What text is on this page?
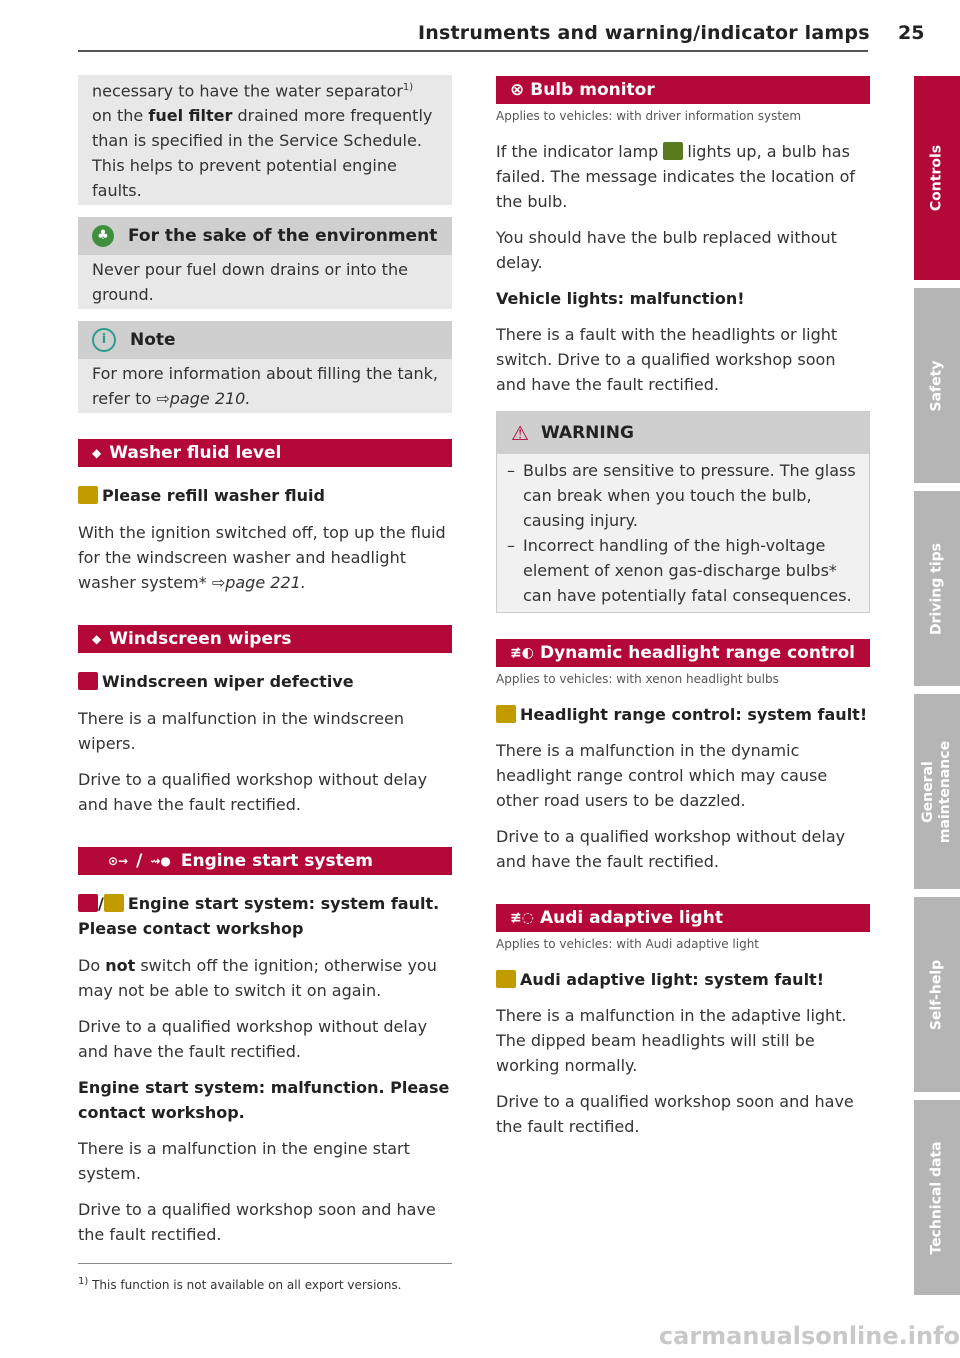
Instruments and warning/indicator lamps 25

necessary to have the water separator$^{1)}$ on the fuel filter drained more frequently than is specified in the Service Schedule. This helps to prevent potential engine faults.

♣	For the sake of the environment

Never pour fuel down drains or into the ground.

i	Note

For more information about filling the tank, refer to ⇨page 210.

◆ Washer fluid level

Please refill washer fluid

With the ignition switched off, top up the fluid for the windscreen washer and headlight washer system* ⇨page 221.

◆ Windscreen wipers

Windscreen wiper defective

There is a malfunction in the windscreen wipers.

Drive to a qualified workshop without delay and have the fault rectified.

⊙→ / ⇝● Engine start system

/ Engine start system: system fault. Please contact workshop

Do not switch off the ignition; otherwise you may not be able to switch it on again.

Drive to a qualified workshop without delay and have the fault rectified.

Engine start system: malfunction. Please contact workshop.

There is a malfunction in the engine start system.

Drive to a qualified workshop soon and have the fault rectified.

$^{1)}$ This function is not available on all export versions.
⊗ Bulb monitor

Applies to vehicles: with driver information system

If the indicator lamp lights up, a bulb has failed. The message indicates the location of the bulb.

You should have the bulb replaced without delay.

Vehicle lights: malfunction!

There is a fault with the headlights or light switch. Drive to a qualified workshop soon and have the fault rectified.

⚠ WARNING
– Bulbs are sensitive to pressure. The glass can break when you touch the bulb, causing injury.
– Incorrect handling of the high-voltage element of xenon gas-discharge bulbs* can have potentially fatal consequences.
≢◐ Dynamic headlight range control

Applies to vehicles: with xenon headlight bulbs

Headlight range control: system fault!

There is a malfunction in the dynamic headlight range control which may cause other road users to be dazzled.

Drive to a qualified workshop without delay and have the fault rectified.

≢◌ Audi adaptive light

Applies to vehicles: with Audi adaptive light

Audi adaptive light: system fault!

There is a malfunction in the adaptive light. The dipped beam headlights will still be working normally.

Drive to a qualified workshop soon and have the fault rectified.

Controls
Safety
Driving tips
General maintenance
Self-help
Technical data
carmanualsonline.info
